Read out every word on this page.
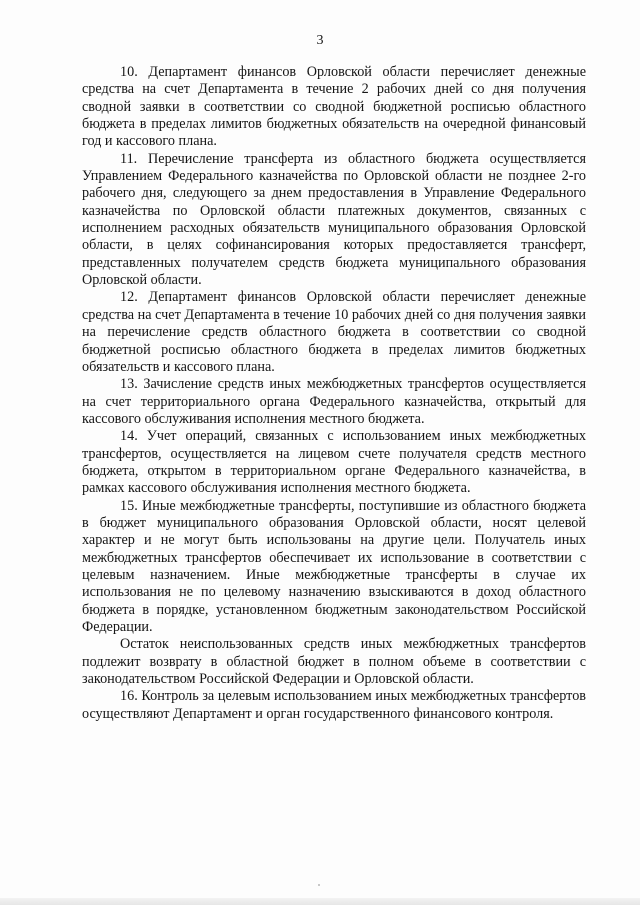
3

10. Департамент финансов Орловской области перечисляет денежные средства на счет Департамента в течение 2 рабочих дней со дня получения сводной заявки в соответствии со сводной бюджетной росписью областного бюджета в пределах лимитов бюджетных обязательств на очередной финансовый год и кассового плана.

11. Перечисление трансферта из областного бюджета осуществляется Управлением Федерального казначейства по Орловской области не позднее 2-го рабочего дня, следующего за днем предоставления в Управление Федерального казначейства по Орловской области платежных документов, связанных с исполнением расходных обязательств муниципального образования Орловской области, в целях софинансирования которых предоставляется трансферт, представленных получателем средств бюджета муниципального образования Орловской области.

12. Департамент финансов Орловской области перечисляет денежные средства на счет Департамента в течение 10 рабочих дней со дня получения заявки на перечисление средств областного бюджета в соответствии со сводной бюджетной росписью областного бюджета в пределах лимитов бюджетных обязательств и кассового плана.

13. Зачисление средств иных межбюджетных трансфертов осуществляется на счет территориального органа Федерального казначейства, открытый для кассового обслуживания исполнения местного бюджета.

14. Учет операций, связанных с использованием иных межбюджетных трансфертов, осуществляется на лицевом счете получателя средств местного бюджета, открытом в территориальном органе Федерального казначейства, в рамках кассового обслуживания исполнения местного бюджета.

15. Иные межбюджетные трансферты, поступившие из областного бюджета в бюджет муниципального образования Орловской области, носят целевой характер и не могут быть использованы на другие цели. Получатель иных межбюджетных трансфертов обеспечивает их использование в соответствии с целевым назначением. Иные межбюджетные трансферты в случае их использования не по целевому назначению взыскиваются в доход областного бюджета в порядке, установленном бюджетным законодательством Российской Федерации.

Остаток неиспользованных средств иных межбюджетных трансфертов подлежит возврату в областной бюджет в полном объеме в соответствии с законодательством Российской Федерации и Орловской области.

16. Контроль за целевым использованием иных межбюджетных трансфертов осуществляют Департамент и орган государственного финансового контроля.
